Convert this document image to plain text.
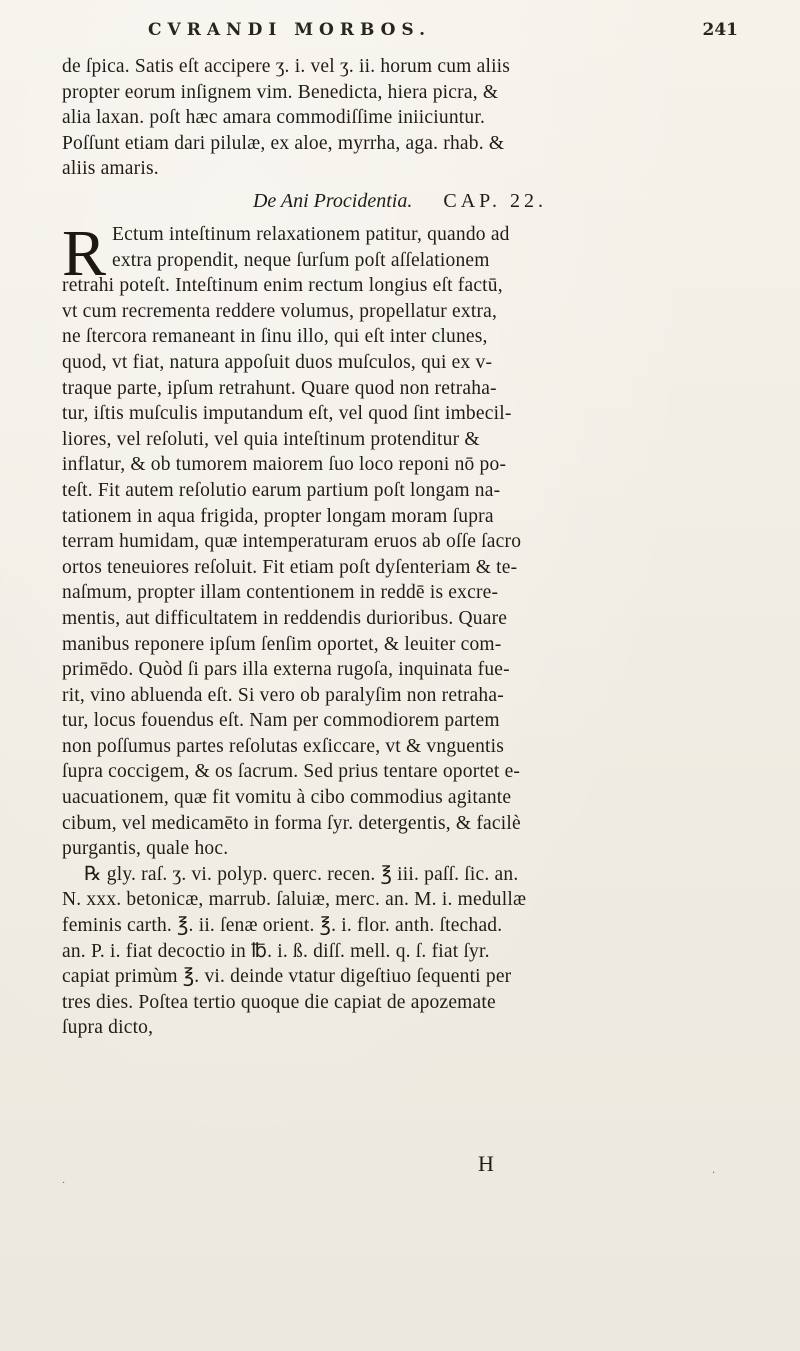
CVRANDI MORBOS.	241
de ſpica. Satis eſt accipere ʒ. i. vel ʒ. ii. horum cum aliis
propter eorum inſignem vim. Benedicta, hiera picra, &
alia laxan. poſt hæc amara commodiſſime iniiciuntur.
Poſſunt etiam dari pilulæ, ex aloe, myrrha, aga. rhab. &
aliis amaris.
De Ani Procidentia. CAP. 22.
R Ectum inteſtinum relaxationem patitur, quando ad
extra propendit, neque ſurſum poſt aſſelationem
retrahi poteſt. Inteſtinum enim rectum longius eſt factū,
vt cum recrementa reddere volumus, propellatur extra,
ne ſtercora remaneant in ſinu illo, qui eſt inter clunes,
quod, vt fiat, natura appoſuit duos muſculos, qui ex v-
traque parte, ipſum retrahunt. Quare quod non retraha-
tur, iſtis muſculis imputandum eſt, vel quod ſint imbecil-
liores, vel reſoluti, vel quia inteſtinum protenditur &
inflatur, & ob tumorem maiorem ſuo loco reponi nō po-
teſt. Fit autem reſolutio earum partium poſt longam na-
tationem in aqua frigida, propter longam moram ſupra
terram humidam, quæ intemperaturam eruos ab oſſe ſacro
ortos teneuiores reſoluit. Fit etiam poſt dyſenteriam & te-
naſmum, propter illam contentionem in reddē is excre-
mentis, aut difficultatem in reddendis durioribus. Quare
manibus reponere ipſum ſenſim oportet, & leuiter com-
primēdo. Quòd ſi pars illa externa rugoſa, inquinata fue-
rit, vino abluenda eſt. Si vero ob paralyſim non retraha-
tur, locus fouendus eſt. Nam per commodiorem partem
non poſſumus partes reſolutas exſiccare, vt & vnguentis
ſupra coccigem, & os ſacrum. Sed prius tentare oportet e-
uacuationem, quæ fit vomitu à cibo commodius agitante
cibum, vel medicamēto in forma ſyr. detergentis, & facilè
purgantis, quale hoc.
℞ gly. raſ. ʒ. vi. polyp. querc. recen. ℥ iii. paſſ. ſic. an.
N. xxx. betonicæ, marrub. ſaluiæ, merc. an. M. i. medullæ
feminis carth. ℥. ii. ſenæ orient. ℥. i. flor. anth. ſtechad.
an. P. i. fiat decoctio in ℔. i. ß. diſſ. mell. q. ſ. fiat ſyr.
capiat primùm ℥. vi. deinde vtatur digeſtiuo ſequenti per
tres dies. Poſtea tertio quoque die capiat de apozemate
ſupra dicto,
H
·
·
